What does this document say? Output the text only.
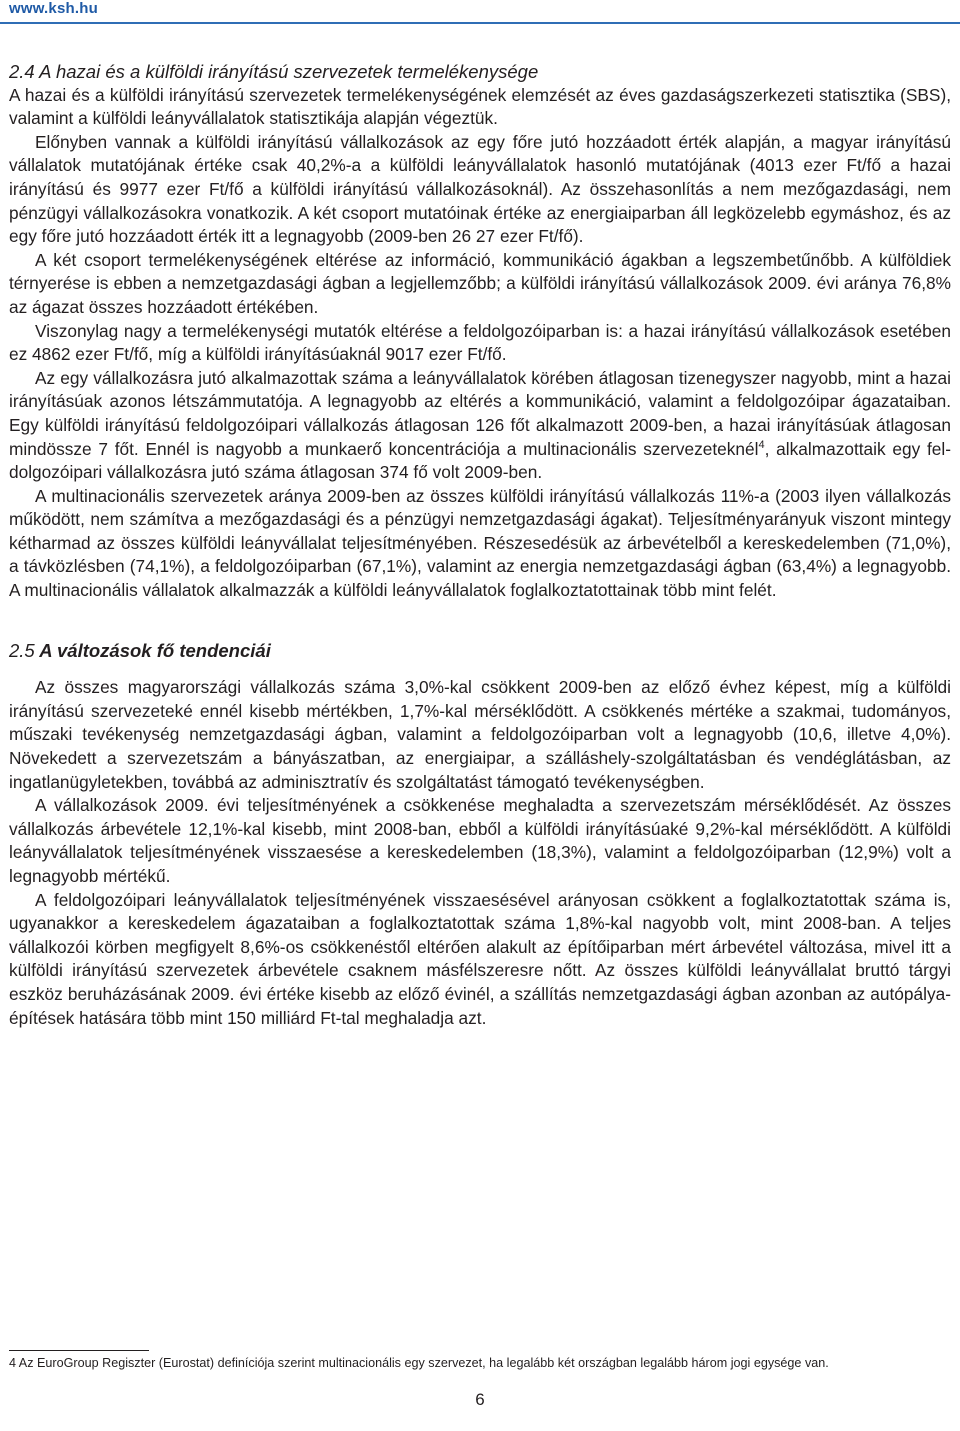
www.ksh.hu
2.4 A hazai és a külföldi irányítású szervezetek termelékenysége

A hazai és a külföldi irányítású szervezetek termelékenységének elemzését az éves gazdaságszerkezeti statisztika (SBS), valamint a külföldi leányvállalatok statisztikája alapján végeztük.

Előnyben vannak a külföldi irányítású vállalkozások az egy főre jutó hozzáadott érték alapján, a magyar irányítású vállalatok mutatójának értéke csak 40,2%-a a külföldi leányvállalatok hasonló mutatójának (4013 ezer Ft/fő a hazai irányítású és 9977 ezer Ft/fő a külföldi irányítású vállalkozásoknál). Az összehasonlítás a nem mezőgazdasági, nem pénzügyi vállalkozásokra vonatkozik. A két csoport mutatóinak értéke az energiaiparban áll legközelebb egymáshoz, és az egy főre jutó hozzáadott érték itt a legnagyobb (2009-ben 26 27 ezer Ft/fő).

A két csoport termelékenységének eltérése az információ, kommunikáció ágakban a legszembetűnőbb. A külföldiek térnyerése is ebben a nemzetgazdasági ágban a legjellemzőbb; a külföldi irányítású vállalkozások 2009. évi aránya 76,8% az ágazat összes hozzáadott értékében.

Viszonylag nagy a termelékenységi mutatók eltérése a feldolgozóiparban is: a hazai irányítású vállalkozások esetében ez 4862 ezer Ft/fő, míg a külföldi irányításúaknál 9017 ezer Ft/fő.

Az egy vállalkozásra jutó alkalmazottak száma a leányvállalatok körében átlagosan tizenegyszer nagyobb, mint a hazai irányításúak azonos létszámmutatója. A legnagyobb az eltérés a kommunikáció, valamint a feldolgozóipar ágazataiban. Egy külföldi irányítású feldolgozóipari vállalkozás átlagosan 126 főt alkalmazott 2009-ben, a hazai irányításúak átlagosan mindössze 7 főt. Ennél is nagyobb a munkaerő koncentrációja a multinacionális szervezeteknél$^4$, alkalmazottaik egy feldolgozóipari vállalkozásra jutó száma átlagosan 374 fő volt 2009-ben.

A multinacionális szervezetek aránya 2009-ben az összes külföldi irányítású vállalkozás 11%-a (2003 ilyen vállalkozás működött, nem számítva a mezőgazdasági és a pénzügyi nemzetgazdasági ágakat). Teljesítményarányuk viszont mintegy kétharmad az összes külföldi leányvállalat teljesítményében. Részesedésük az árbevételből a kereskedelemben (71,0%), a távközlésben (74,1%), a feldolgozóiparban (67,1%), valamint az energia nemzetgazdasági ágban (63,4%) a legnagyobb. A multinacionális vállalatok alkalmazzák a külföldi leányvállalatok foglalkoztatottainak több mint felét.

2.5 A változások fő tendenciái

Az összes magyarországi vállalkozás száma 3,0%-kal csökkent 2009-ben az előző évhez képest, míg a külföldi irányítású szervezeteké ennél kisebb mértékben, 1,7%-kal mérséklődött. A csökkenés mértéke a szakmai, tudományos, műszaki tevékenység nemzetgazdasági ágban, valamint a feldolgozóiparban volt a legnagyobb (10,6, illetve 4,0%). Növekedett a szervezetszám a bányászatban, az energiaipar, a szálláshely-szolgáltatásban és vendéglátásban, az ingatlanügyletekben, továbbá az adminisztratív és szolgáltatást támogató tevékenységben.

A vállalkozások 2009. évi teljesítményének a csökkenése meghaladta a szervezetszám mérséklődését. Az összes vállalkozás árbevétele 12,1%-kal kisebb, mint 2008-ban, ebből a külföldi irányításúaké 9,2%-kal mérséklődött. A külföldi leányvállalatok teljesítményének visszaesése a kereskedelemben (18,3%), valamint a feldolgozóiparban (12,9%) volt a legnagyobb mértékű.

A feldolgozóipari leányvállalatok teljesítményének visszaesésével arányosan csökkent a foglalkoztatottak száma is, ugyanakkor a kereskedelem ágazataiban a foglalkoztatottak száma 1,8%-kal nagyobb volt, mint 2008-ban. A teljes vállalkozói körben megfigyelt 8,6%-os csökkenéstől eltérően alakult az építőiparban mért árbevétel változása, mivel itt a külföldi irányítású szervezetek árbevétele csaknem másfélszeresre nőtt. Az összes külföldi leányvállalat bruttó tárgyi eszköz beruházásának 2009. évi értéke kisebb az előző évinél, a szállítás nemzetgazdasági ágban azonban az autópálya-építések hatására több mint 150 milliárd Ft-tal meghaladja azt.

4 Az EuroGroup Regiszter (Eurostat) definíciója szerint multinacionális egy szervezet, ha legalább két országban legalább három jogi egysége van.
6
